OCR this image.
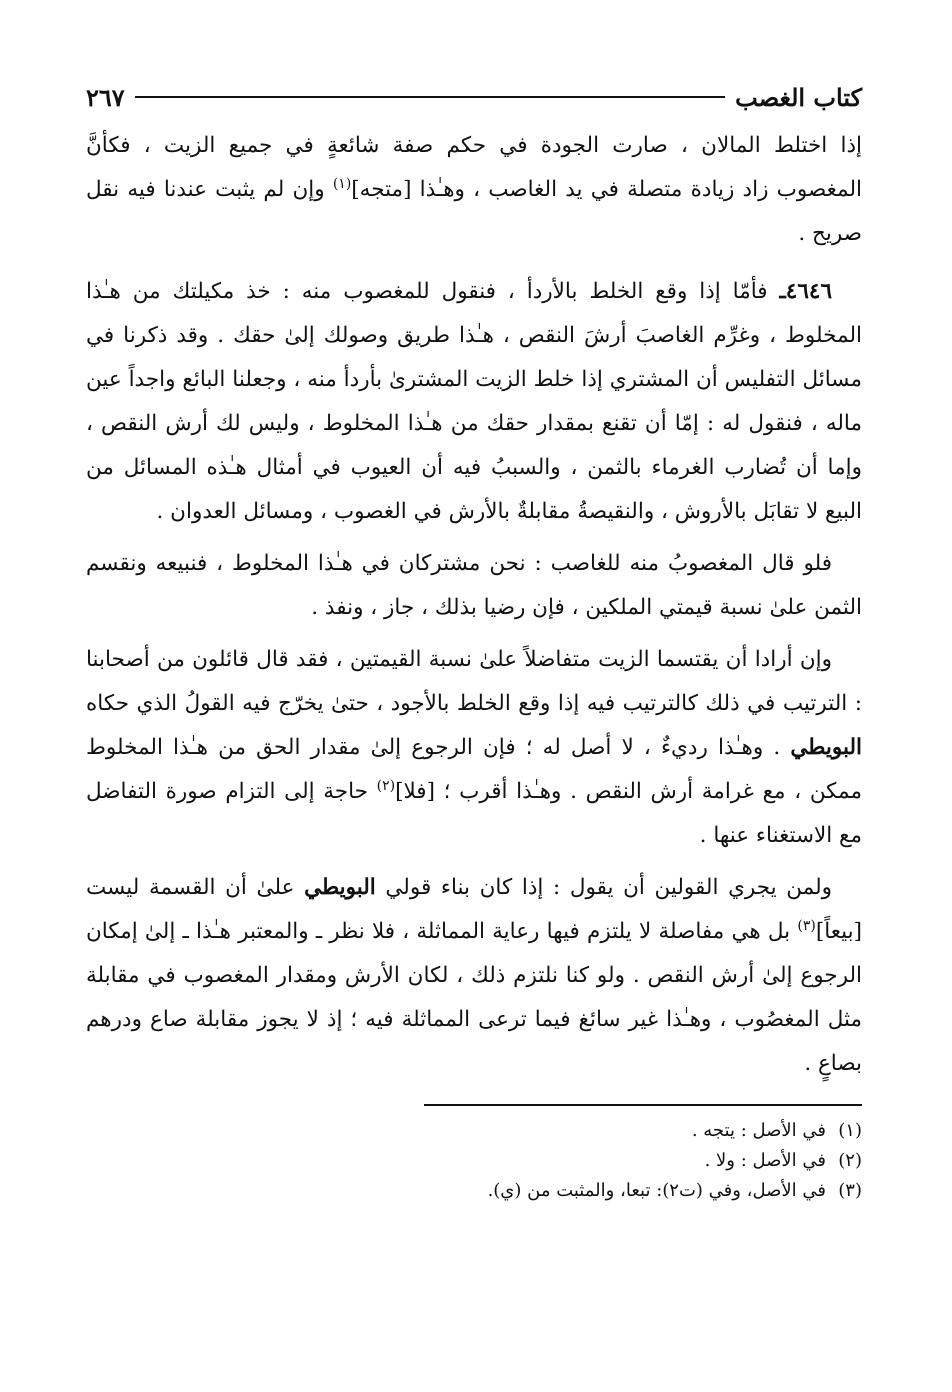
كتاب الغصب
٢٦٧

إذا اختلط المالان ، صارت الجودة في حكم صفة شائعةٍ في جميع الزيت ، فكأنَّ المغصوب زاد زيادة متصلة في يد الغاصب ، وهـٰذا [متجه]$^{(١)}$ وإن لم يثبت عندنا فيه نقل صريح .

٤٦٤٦ـ فأمّا إذا وقع الخلط بالأردأ ، فنقول للمغصوب منه : خذ مكيلتك من هـٰذا المخلوط ، وغرِّم الغاصبَ أرشَ النقص ، هـٰذا طريق وصولك إلىٰ حقك . وقد ذكرنا في مسائل التفليس أن المشتري إذا خلط الزيت المشترىٰ بأردأ منه ، وجعلنا البائع واجداً عين ماله ، فنقول له : إمّا أن تقنع بمقدار حقك من هـٰذا المخلوط ، وليس لك أرش النقص ، وإما أن تُضارب الغرماء بالثمن ، والسببُ فيه أن العيوب في أمثال هـٰذه المسائل من البيع لا تقابَل بالأروش ، والنقيصةُ مقابلةٌ بالأرش في الغصوب ، ومسائل العدوان .

فلو قال المغصوبُ منه للغاصب : نحن مشتركان في هـٰذا المخلوط ، فنبيعه ونقسم الثمن علىٰ نسبة قيمتي الملكين ، فإن رضيا بذلك ، جاز ، ونفذ .

وإن أرادا أن يقتسما الزيت متفاضلاً علىٰ نسبة القيمتين ، فقد قال قائلون من أصحابنا : الترتيب في ذلك كالترتيب فيه إذا وقع الخلط بالأجود ، حتىٰ يخرّج فيه القولُ الذي حكاه البويطي . وهـٰذا رديءٌ ، لا أصل له ؛ فإن الرجوع إلىٰ مقدار الحق من هـٰذا المخلوط ممكن ، مع غرامة أرش النقص . وهـٰذا أقرب ؛ [فلا]$^{(٢)}$ حاجة إلى التزام صورة التفاضل مع الاستغناء عنها .

ولمن يجري القولين أن يقول : إذا كان بناء قولي البويطي علىٰ أن القسمة ليست [بيعاً]$^{(٣)}$ بل هي مفاصلة لا يلتزم فيها رعاية المماثلة ، فلا نظر ـ والمعتبر هـٰذا ـ إلىٰ إمكان الرجوع إلىٰ أرش النقص . ولو كنا نلتزم ذلك ، لكان الأرش ومقدار المغصوب في مقابلة مثل المغصُوب ، وهـٰذا غير سائغ فيما ترعى المماثلة فيه ؛ إذ لا يجوز مقابلة صاع ودرهم بصاعٍ .

(١)في الأصل : يتجه .
(٢)في الأصل : ولا .
(٣)في الأصل، وفي (ت٢): تبعا، والمثبت من (ي).
